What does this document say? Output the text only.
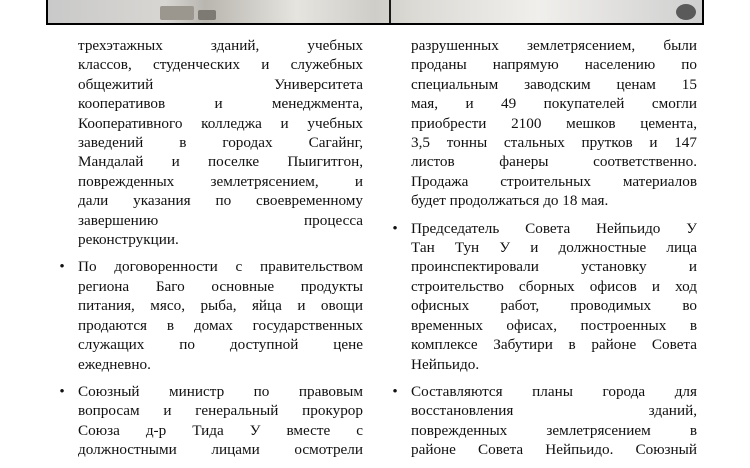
трехэтажных зданий, учебных
классов, студенческих и служебных
общежитий Университета
кооперативов и менеджмента,
Кооперативного колледжа и учебных
заведений в городах Сагайнг,
Мандалай и поселке Пыигитгон,
поврежденных землетрясением, и
дали указания по своевременному
завершению процесса
реконструкции.
• По договоренности с правительством
региона Баго основные продукты
питания, мясо, рыба, яйца и овощи
продаются в домах государственных
служащих по доступной цене
ежедневно.
• Союзный министр по правовым
вопросам и генеральный прокурор
Союза д-р Тида У вместе с
должностными лицами осмотрели
разрушенных землетрясением, были
проданы напрямую населению по
специальным заводским ценам 15
мая, и 49 покупателей смогли
приобрести 2100 мешков цемента,
3,5 тонны стальных прутков и 147
листов фанеры соответственно.
Продажа строительных материалов
будет продолжаться до 18 мая.
• Председатель Совета Нейпьидо У
Тан Тун У и должностные лица
проинспектировали установку и
строительство сборных офисов и ход
офисных работ, проводимых во
временных офисах, построенных в
комплексе Забутири в районе Совета
Нейпьидо.
• Составляются планы города для
восстановления зданий,
поврежденных землетрясением в
районе Совета Нейпьидо. Союзный
